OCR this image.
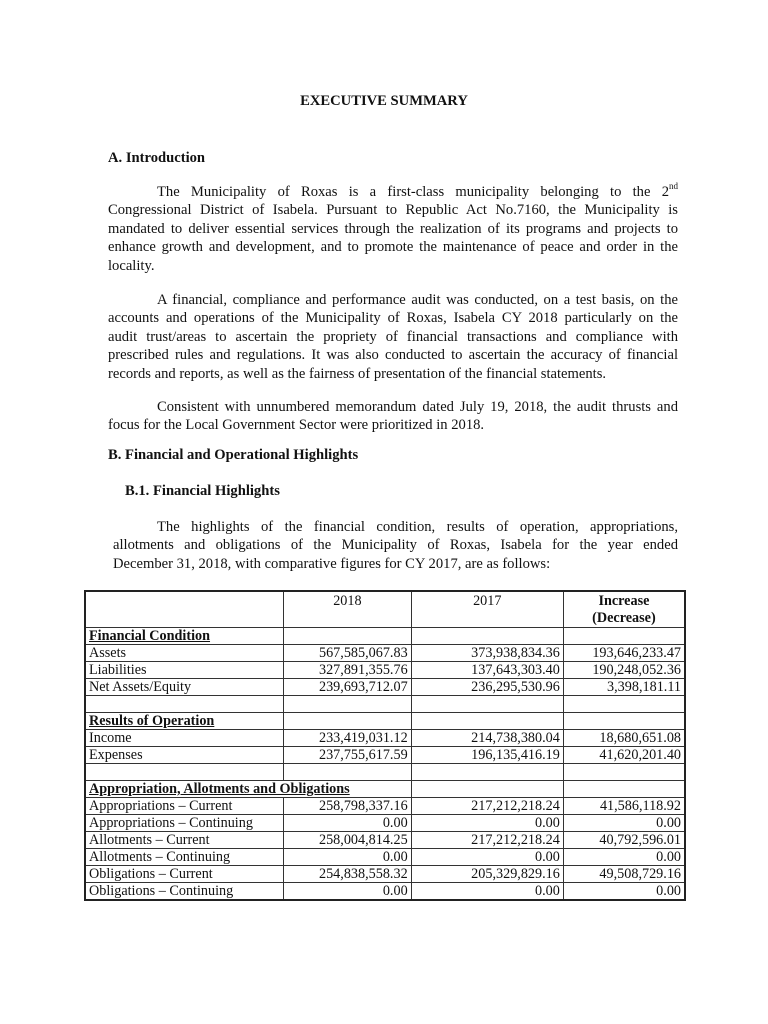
EXECUTIVE SUMMARY
A. Introduction
The Municipality of Roxas is a first-class municipality belonging to the 2nd
Congressional District of Isabela. Pursuant to Republic Act No.7160, the Municipality is
mandated to deliver essential services through the realization of its programs and projects to
enhance growth and development, and to promote the maintenance of peace and order in the
locality.
A financial, compliance and performance audit was conducted, on a test basis, on the
accounts and operations of the Municipality of Roxas, Isabela CY 2018 particularly on the
audit trust/areas to ascertain the propriety of financial transactions and compliance with
prescribed rules and regulations. It was also conducted to ascertain the accuracy of financial
records and reports, as well as the fairness of presentation of the financial statements.
Consistent with unnumbered memorandum dated July 19, 2018, the audit thrusts and
focus for the Local Government Sector were prioritized in 2018.
B. Financial and Operational Highlights
B.1. Financial Highlights
The highlights of the financial condition, results of operation, appropriations,
allotments and obligations of the Municipality of Roxas, Isabela for the year ended
December 31, 2018, with comparative figures for CY 2017, are as follows:
	2018	2017	Increase
(Decrease)
Financial Condition			
Assets	567,585,067.83	373,938,834.36	193,646,233.47
Liabilities	327,891,355.76	137,643,303.40	190,248,052.36
Net Assets/Equity	239,693,712.07	236,295,530.96	3,398,181.11

Results of Operation			
Income	233,419,031.12	214,738,380.04	18,680,651.08
Expenses	237,755,617.59	196,135,416.19	41,620,201.40

Appropriation, Allotments and Obligations			
Appropriations – Current	258,798,337.16	217,212,218.24	41,586,118.92
Appropriations – Continuing	0.00	0.00	0.00
Allotments – Current	258,004,814.25	217,212,218.24	40,792,596.01
Allotments – Continuing	0.00	0.00	0.00
Obligations – Current	254,838,558.32	205,329,829.16	49,508,729.16
Obligations – Continuing	0.00	0.00	0.00
